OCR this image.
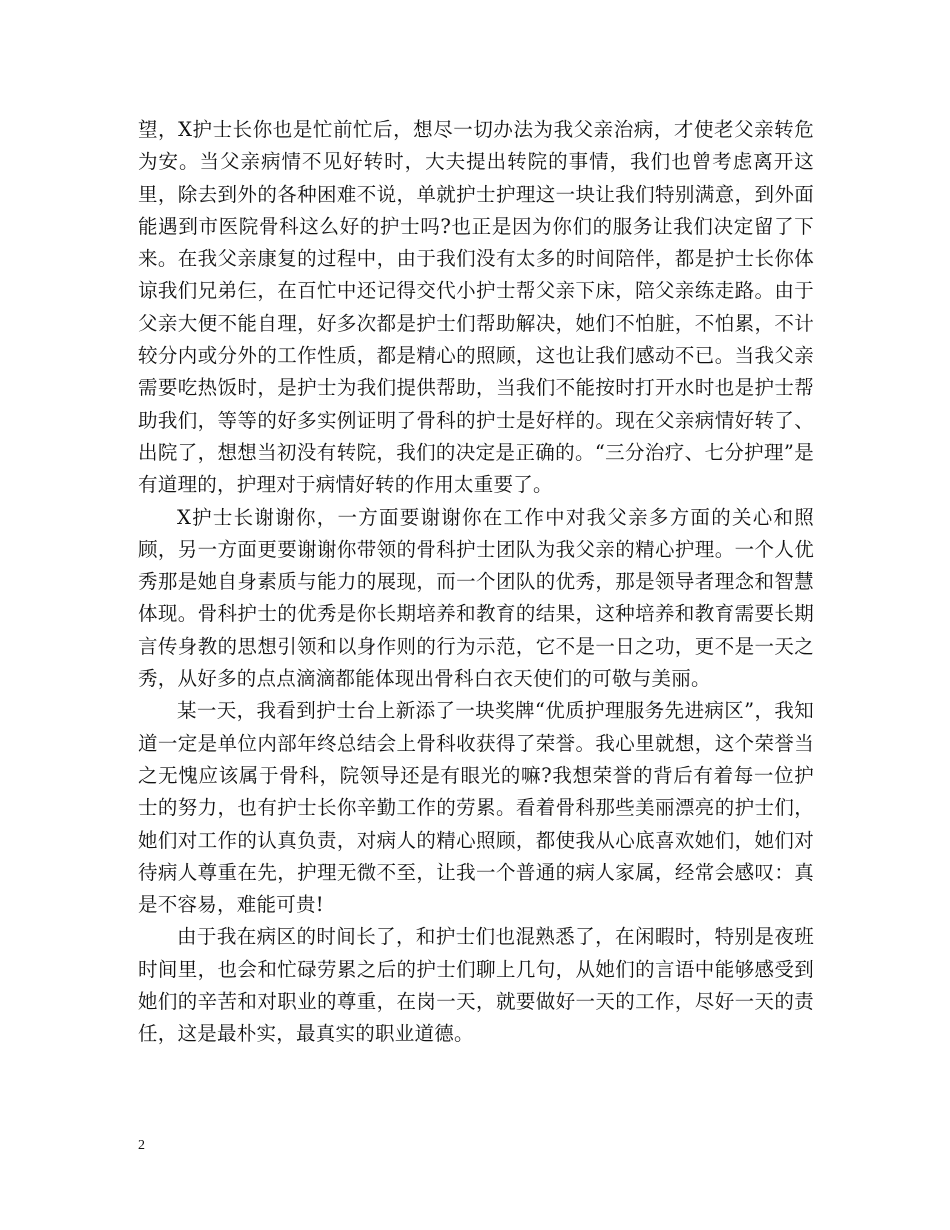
望，X护士长你也是忙前忙后，想尽一切办法为我父亲治病，才使老父亲转危为安。当父亲病情不见好转时，大夫提出转院的事情，我们也曾考虑离开这里，除去到外的各种困难不说，单就护士护理这一块让我们特别满意，到外面能遇到市医院骨科这么好的护士吗?也正是因为你们的服务让我们决定留了下来。在我父亲康复的过程中，由于我们没有太多的时间陪伴，都是护士长你体谅我们兄弟仨，在百忙中还记得交代小护士帮父亲下床，陪父亲练走路。由于父亲大便不能自理，好多次都是护士们帮助解决，她们不怕脏，不怕累，不计较分内或分外的工作性质，都是精心的照顾，这也让我们感动不已。当我父亲需要吃热饭时，是护士为我们提供帮助，当我们不能按时打开水时也是护士帮助我们，等等的好多实例证明了骨科的护士是好样的。现在父亲病情好转了、出院了，想想当初没有转院，我们的决定是正确的。“三分治疗、七分护理”是有道理的，护理对于病情好转的作用太重要了。

X护士长谢谢你，一方面要谢谢你在工作中对我父亲多方面的关心和照顾，另一方面更要谢谢你带领的骨科护士团队为我父亲的精心护理。一个人优秀那是她自身素质与能力的展现，而一个团队的优秀，那是领导者理念和智慧体现。骨科护士的优秀是你长期培养和教育的结果，这种培养和教育需要长期言传身教的思想引领和以身作则的行为示范，它不是一日之功，更不是一天之秀，从好多的点点滴滴都能体现出骨科白衣天使们的可敬与美丽。

某一天，我看到护士台上新添了一块奖牌“优质护理服务先进病区”，我知道一定是单位内部年终总结会上骨科收获得了荣誉。我心里就想，这个荣誉当之无愧应该属于骨科，院领导还是有眼光的嘛?我想荣誉的背后有着每一位护士的努力，也有护士长你辛勤工作的劳累。看着骨科那些美丽漂亮的护士们，她们对工作的认真负责，对病人的精心照顾，都使我从心底喜欢她们，她们对待病人尊重在先，护理无微不至，让我一个普通的病人家属，经常会感叹：真是不容易，难能可贵!

由于我在病区的时间长了，和护士们也混熟悉了，在闲暇时，特别是夜班时间里，也会和忙碌劳累之后的护士们聊上几句，从她们的言语中能够感受到她们的辛苦和对职业的尊重，在岗一天，就要做好一天的工作，尽好一天的责任，这是最朴实，最真实的职业道德。

2
